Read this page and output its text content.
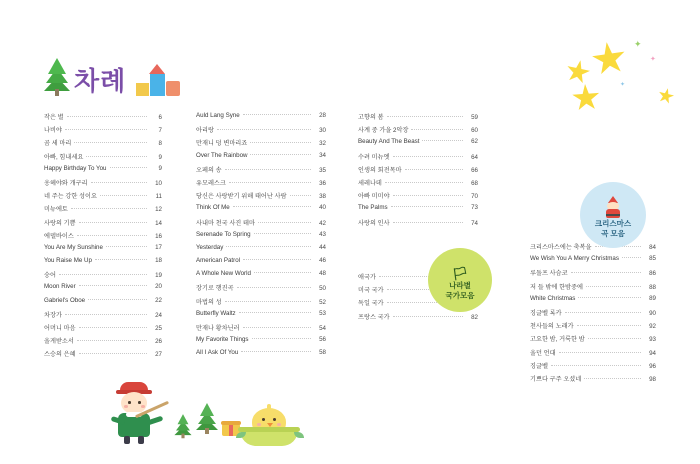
차례
✦
✦
✦
작은 별	6
나비야	7
곰 세 마리	8
아빠, 힘내세요	9
Happy Birthday To You	9
옹헤야와 개구리	10
네 주는 강한 성이요	11
미뉴에토	12
사랑의 기쁨	14
에델바이스	16
You Are My Sunshine	17
You Raise Me Up	18
숭어	19
Moon River	20
Gabriel's Oboe	22
차장가	24
어머니 마음	25
올게받소서	26
스승의 은혜	27
Auld Lang Syne	28
아리랑	30
만재니 덩 변마리죠	32
Over The Rainbow	34
오페의 송	35
유모레스크	36
당신은 사랑받기 위해 태어난 사람	38
Think Of Me	40
사내마 천국 사진 테마	42
Serenade To Spring	43
Yesterday	44
American Patrol	46
A Whole New World	48
장기로 행진곡	50
마법의 성	52
Butterfly Waltz	53
만재나 황차닌러	54
My Favorite Things	56
All I Ask Of You	58
고향의 봄	59
사계 중 가을 2악장	60
Beauty And The Beast	62
수려 미뉴엣	64
인생의 회전목마	66
세레나데	68
아빠 미미야	70
The Palms	73
사랑의 인사	74
애국가
미국 국가
독일 국가
프랑스 국가	82
크리스마스에는 축복을	84
We Wish You A Merry Christmas	85
루돌프 사슴코	86
저 들 밖에 한밤중에	88
White Christmas	89
징글벨 록카	90
천사들의 노래가	92
고요한 밤, 거룩한 밤	93
울던 언대	94
징글벨	96
기쁘다 구주 오셨네	98
🏳
나라별
국가모음
크리스마스
곡 모음
